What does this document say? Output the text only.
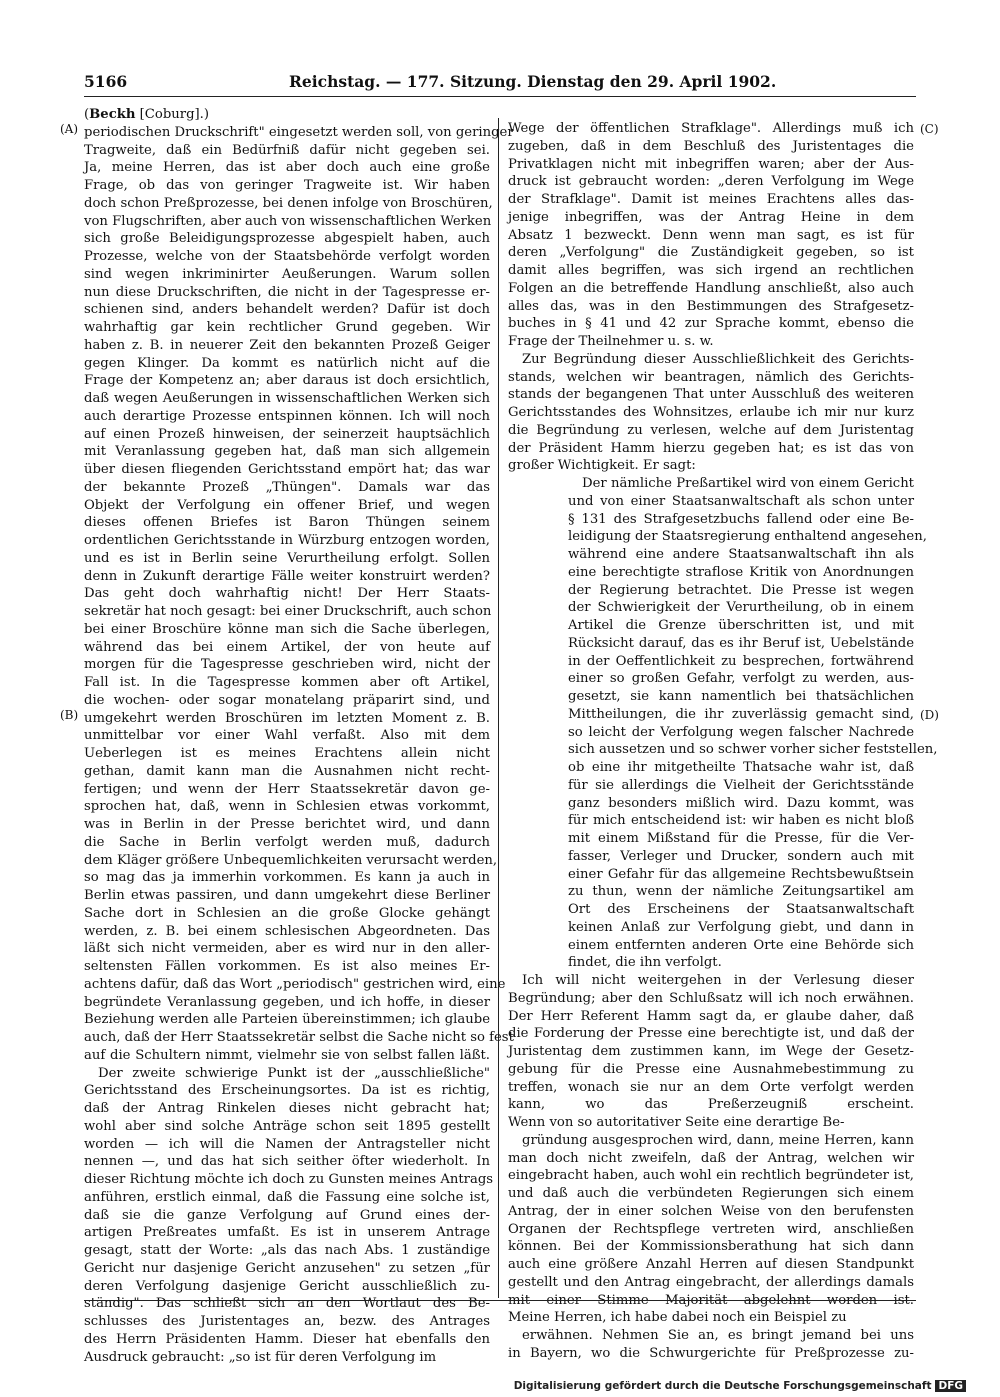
5166	Reichstag. — 177. Sitzung. Dienstag den 29. April 1902.
(A)
(B)
(C)
(D)

(Beckh [Coburg].)

periodischen Druckschrift" eingesetzt werden soll, von geringer

Tragweite, daß ein Bedürfniß dafür nicht gegeben sei.

Ja, meine Herren, das ist aber doch auch eine große

Frage, ob das von geringer Tragweite ist. Wir haben

doch schon Preßprozesse, bei denen infolge von Broschüren,

von Flugschriften, aber auch von wissenschaftlichen Werken

sich große Beleidigungsprozesse abgespielt haben, auch

Prozesse, welche von der Staatsbehörde verfolgt worden

sind wegen inkriminirter Aeußerungen. Warum sollen

nun diese Druckschriften, die nicht in der Tagespresse er-

schienen sind, anders behandelt werden? Dafür ist doch

wahrhaftig gar kein rechtlicher Grund gegeben. Wir

haben z. B. in neuerer Zeit den bekannten Prozeß Geiger

gegen Klinger. Da kommt es natürlich nicht auf die

Frage der Kompetenz an; aber daraus ist doch ersichtlich,

daß wegen Aeußerungen in wissenschaftlichen Werken sich

auch derartige Prozesse entspinnen können. Ich will noch

auf einen Prozeß hinweisen, der seinerzeit hauptsächlich

mit Veranlassung gegeben hat, daß man sich allgemein

über diesen fliegenden Gerichtsstand empört hat; das war

der bekannte Prozeß „Thüngen". Damals war das

Objekt der Verfolgung ein offener Brief, und wegen

dieses offenen Briefes ist Baron Thüngen seinem

ordentlichen Gerichtsstande in Würzburg entzogen worden,

und es ist in Berlin seine Verurtheilung erfolgt. Sollen

denn in Zukunft derartige Fälle weiter konstruirt werden?

Das geht doch wahrhaftig nicht! Der Herr Staats-

sekretär hat noch gesagt: bei einer Druckschrift, auch schon

bei einer Broschüre könne man sich die Sache überlegen,

während das bei einem Artikel, der von heute auf

morgen für die Tagespresse geschrieben wird, nicht der

Fall ist. In die Tagespresse kommen aber oft Artikel,

die wochen- oder sogar monatelang präparirt sind, und

umgekehrt werden Broschüren im letzten Moment z. B.

unmittelbar vor einer Wahl verfaßt. Also mit dem

Ueberlegen ist es meines Erachtens allein nicht

gethan, damit kann man die Ausnahmen nicht recht-

fertigen; und wenn der Herr Staatssekretär davon ge-

sprochen hat, daß, wenn in Schlesien etwas vorkommt,

was in Berlin in der Presse berichtet wird, und dann

die Sache in Berlin verfolgt werden muß, dadurch

dem Kläger größere Unbequemlichkeiten verursacht werden,

so mag das ja immerhin vorkommen. Es kann ja auch in

Berlin etwas passiren, und dann umgekehrt diese Berliner

Sache dort in Schlesien an die große Glocke gehängt

werden, z. B. bei einem schlesischen Abgeordneten. Das

läßt sich nicht vermeiden, aber es wird nur in den aller-

seltensten Fällen vorkommen. Es ist also meines Er-

achtens dafür, daß das Wort „periodisch" gestrichen wird, eine

begründete Veranlassung gegeben, und ich hoffe, in dieser

Beziehung werden alle Parteien übereinstimmen; ich glaube

auch, daß der Herr Staatssekretär selbst die Sache nicht so fest

auf die Schultern nimmt, vielmehr sie von selbst fallen läßt.

Der zweite schwierige Punkt ist der „ausschließliche"

Gerichtsstand des Erscheinungsortes. Da ist es richtig,

daß der Antrag Rinkelen dieses nicht gebracht hat;

wohl aber sind solche Anträge schon seit 1895 gestellt

worden — ich will die Namen der Antragsteller nicht

nennen —, und das hat sich seither öfter wiederholt. In

dieser Richtung möchte ich doch zu Gunsten meines Antrags

anführen, erstlich einmal, daß die Fassung eine solche ist,

daß sie die ganze Verfolgung auf Grund eines der-

artigen Preßreates umfaßt. Es ist in unserem Antrage

gesagt, statt der Worte: „als das nach Abs. 1 zuständige

Gericht nur dasjenige Gericht anzusehen" zu setzen „für

deren Verfolgung dasjenige Gericht ausschließlich zu-

ständig". Das schließt sich an den Wortlaut des Be-

schlusses des Juristentages an, bezw. des Antrages

des Herrn Präsidenten Hamm. Dieser hat ebenfalls den

Ausdruck gebraucht: „so ist für deren Verfolgung im

Wege der öffentlichen Strafklage". Allerdings muß ich

zugeben, daß in dem Beschluß des Juristentages die

Privatklagen nicht mit inbegriffen waren; aber der Aus-

druck ist gebraucht worden: „deren Verfolgung im Wege

der Strafklage". Damit ist meines Erachtens alles das-

jenige inbegriffen, was der Antrag Heine in dem

Absatz 1 bezweckt. Denn wenn man sagt, es ist für

deren „Verfolgung" die Zuständigkeit gegeben, so ist

damit alles begriffen, was sich irgend an rechtlichen

Folgen an die betreffende Handlung anschließt, also auch

alles das, was in den Bestimmungen des Strafgesetz-

buches in § 41 und 42 zur Sprache kommt, ebenso die

Frage der Theilnehmer u. s. w.

Zur Begründung dieser Ausschließlichkeit des Gerichts-

stands, welchen wir beantragen, nämlich des Gerichts-

stands der begangenen That unter Ausschluß des weiteren

Gerichtsstandes des Wohnsitzes, erlaube ich mir nur kurz

die Begründung zu verlesen, welche auf dem Juristentag

der Präsident Hamm hierzu gegeben hat; es ist das von

großer Wichtigkeit. Er sagt:

Der nämliche Preßartikel wird von einem Gericht

und von einer Staatsanwaltschaft als schon unter

§ 131 des Strafgesetzbuchs fallend oder eine Be-

leidigung der Staatsregierung enthaltend angesehen,

während eine andere Staatsanwaltschaft ihn als

eine berechtigte straflose Kritik von Anordnungen

der Regierung betrachtet. Die Presse ist wegen

der Schwierigkeit der Verurtheilung, ob in einem

Artikel die Grenze überschritten ist, und mit

Rücksicht darauf, das es ihr Beruf ist, Uebelstände

in der Oeffentlichkeit zu besprechen, fortwährend

einer so großen Gefahr, verfolgt zu werden, aus-

gesetzt, sie kann namentlich bei thatsächlichen

Mittheilungen, die ihr zuverlässig gemacht sind,

so leicht der Verfolgung wegen falscher Nachrede

sich aussetzen und so schwer vorher sicher feststellen,

ob eine ihr mitgetheilte Thatsache wahr ist, daß

für sie allerdings die Vielheit der Gerichtsstände

ganz besonders mißlich wird. Dazu kommt, was

für mich entscheidend ist: wir haben es nicht bloß

mit einem Mißstand für die Presse, für die Ver-

fasser, Verleger und Drucker, sondern auch mit

einer Gefahr für das allgemeine Rechtsbewußtsein

zu thun, wenn der nämliche Zeitungsartikel am

Ort des Erscheinens der Staatsanwaltschaft

keinen Anlaß zur Verfolgung giebt, und dann in

einem entfernten anderen Orte eine Behörde sich

findet, die ihn verfolgt.

Ich will nicht weitergehen in der Verlesung dieser

Begründung; aber den Schlußsatz will ich noch erwähnen.

Der Herr Referent Hamm sagt da, er glaube daher, daß

die Forderung der Presse eine berechtigte ist, und daß der

Juristentag dem zustimmen kann, im Wege der Gesetz-

gebung für die Presse eine Ausnahmebestimmung zu

treffen, wonach sie nur an dem Orte verfolgt werden

kann, wo das Preßerzeugniß erscheint.

Wenn von so autoritativer Seite eine derartige Be-

gründung ausgesprochen wird, dann, meine Herren, kann

man doch nicht zweifeln, daß der Antrag, welchen wir

eingebracht haben, auch wohl ein rechtlich begründeter ist,

und daß auch die verbündeten Regierungen sich einem

Antrag, der in einer solchen Weise von den berufensten

Organen der Rechtspflege vertreten wird, anschließen

können. Bei der Kommissionsberathung hat sich dann

auch eine größere Anzahl Herren auf diesen Standpunkt

gestellt und den Antrag eingebracht, der allerdings damals

mit einer Stimme Majorität abgelehnt worden ist.

Meine Herren, ich habe dabei noch ein Beispiel zu

erwähnen. Nehmen Sie an, es bringt jemand bei uns

in Bayern, wo die Schwurgerichte für Preßprozesse zu-

Digitalisierung gefördert durch die Deutsche Forschungsgemeinschaft DFG
